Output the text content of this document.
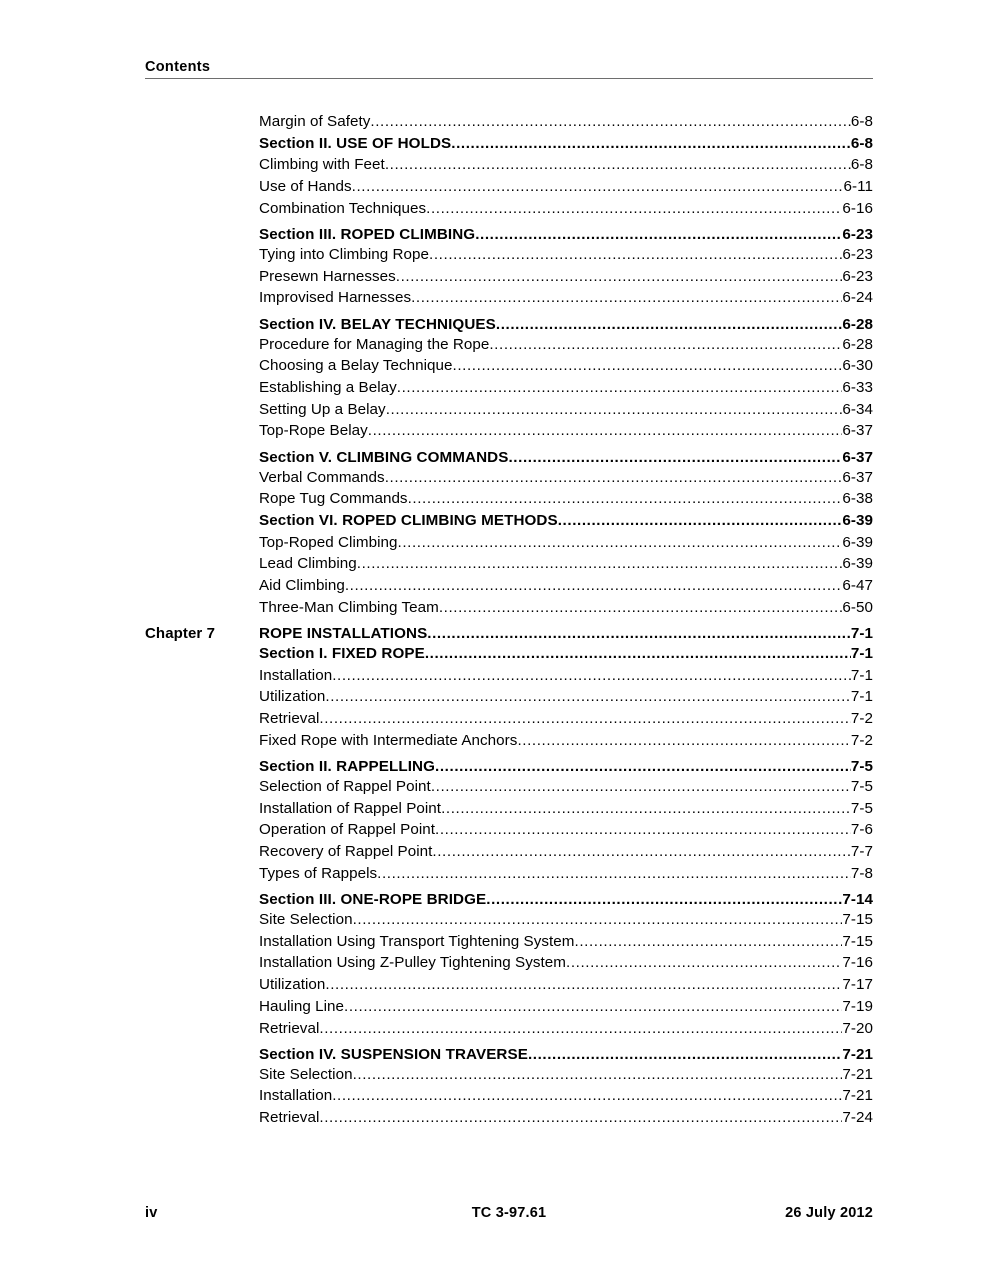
Contents
Margin of Safety .....	6-8
Section II. USE OF HOLDS .....	6-8
Climbing with Feet .....	6-8
Use of Hands .....	6-11
Combination Techniques .....	6-16
Section III. ROPED CLIMBING .....	6-23
Tying into Climbing Rope .....	6-23
Presewn Harnesses .....	6-23
Improvised Harnesses .....	6-24
Section IV. BELAY TECHNIQUES .....	6-28
Procedure for Managing the Rope .....	6-28
Choosing a Belay Technique .....	6-30
Establishing a Belay .....	6-33
Setting Up a Belay .....	6-34
Top-Rope Belay .....	6-37
Section V. CLIMBING COMMANDS .....	6-37
Verbal Commands .....	6-37
Rope Tug Commands .....	6-38
Section VI. ROPED CLIMBING METHODS .....	6-39
Top-Roped Climbing .....	6-39
Lead Climbing .....	6-39
Aid Climbing .....	6-47
Three-Man Climbing Team .....	6-50
Chapter 7	ROPE INSTALLATIONS .....	7-1
Section I. FIXED ROPE .....	7-1
Installation .....	7-1
Utilization .....	7-1
Retrieval .....	7-2
Fixed Rope with Intermediate Anchors .....	7-2
Section II. RAPPELLING .....	7-5
Selection of Rappel Point .....	7-5
Installation of Rappel Point .....	7-5
Operation of Rappel Point .....	7-6
Recovery of Rappel Point .....	7-7
Types of Rappels .....	7-8
Section III. ONE-ROPE BRIDGE .....	7-14
Site Selection .....	7-15
Installation Using Transport Tightening System .....	7-15
Installation Using Z-Pulley Tightening System .....	7-16
Utilization .....	7-17
Hauling Line .....	7-19
Retrieval .....	7-20
Section IV. SUSPENSION TRAVERSE .....	7-21
Site Selection .....	7-21
Installation .....	7-21
Retrieval .....	7-24
iv	TC 3-97.61	26 July 2012
